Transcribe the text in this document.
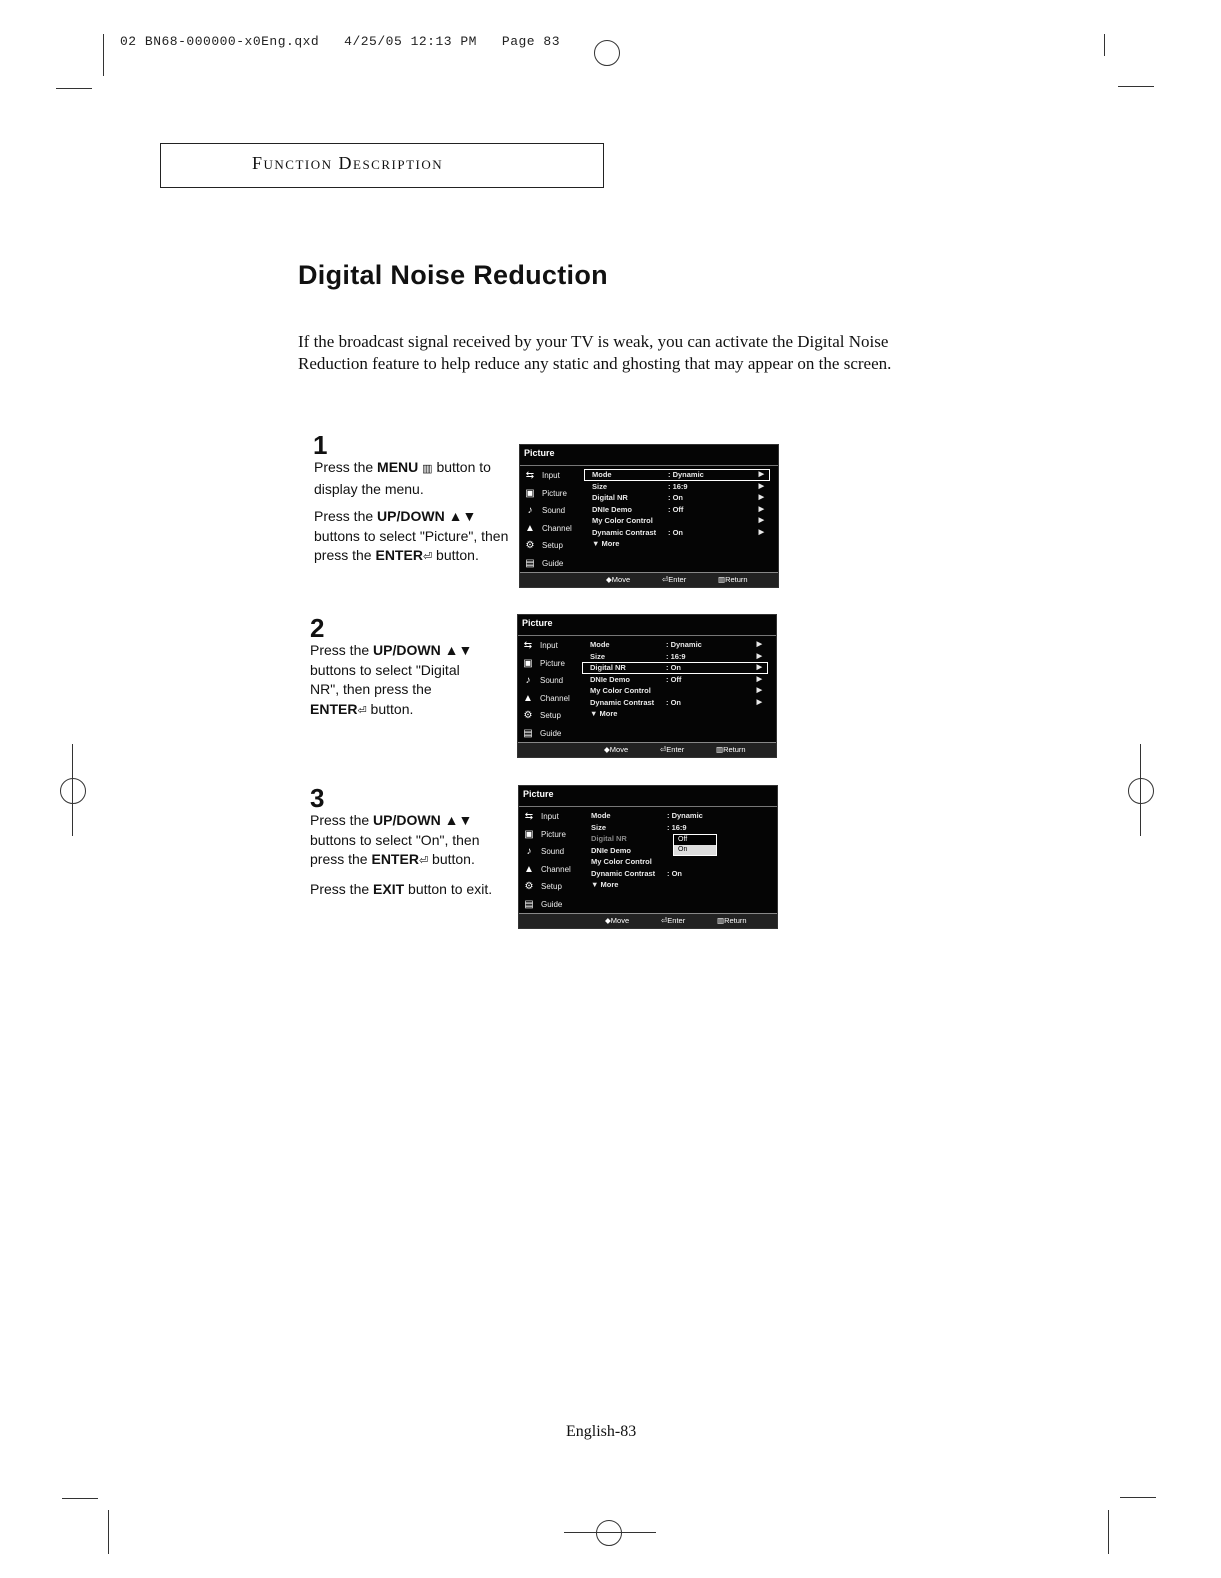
02 BN68-000000-x0Eng.qxd 4/25/05 12:13 PM Page 83
Function Description
Digital Noise Reduction
If the broadcast signal received by your TV is weak, you can activate the Digital Noise Reduction feature to help reduce any static and ghosting that may appear on the screen.
1

Press the MENU ▥ button to display the menu.

Press the UP/DOWN ▲▼ buttons to select "Picture", then press the ENTER⏎ button.

Picture
⇆ Input
▣ Picture
♪	Sound
▲ Channel
⚙ Setup
▤ Guide
Mode	: Dynamic	▶
Size	: 16:9	▶
Digital NR	: On	▶
DNIe Demo	: Off	▶
My Color Control	▶
Dynamic Contrast : On	▶
▼ More
◆ Move	⏎ Enter	▥ Return
2

Press the UP/DOWN ▲▼ buttons to select "Digital NR", then press the ENTER⏎ button.

Picture
⇆ Input
▣ Picture
♪	Sound
▲ Channel
⚙ Setup
▤ Guide
Mode	: Dynamic	▶
Size	: 16:9	▶
Digital NR	: On	▶
DNIe Demo	: Off	▶
My Color Control	▶
Dynamic Contrast : On	▶
▼ More
◆ Move	⏎ Enter	▥ Return
3

Press the UP/DOWN ▲▼ buttons to select "On", then press the ENTER⏎ button.

Press the EXIT button to exit.

Picture
⇆ Input
▣ Picture
♪	Sound
▲ Channel
⚙ Setup
▤ Guide
Mode	: Dynamic
Size	: 16:9
Digital NR
DNIe Demo
My Color Control
Dynamic Contrast : On
▼ More
Off
On
◆ Move	⏎ Enter	▥ Return
English-83
